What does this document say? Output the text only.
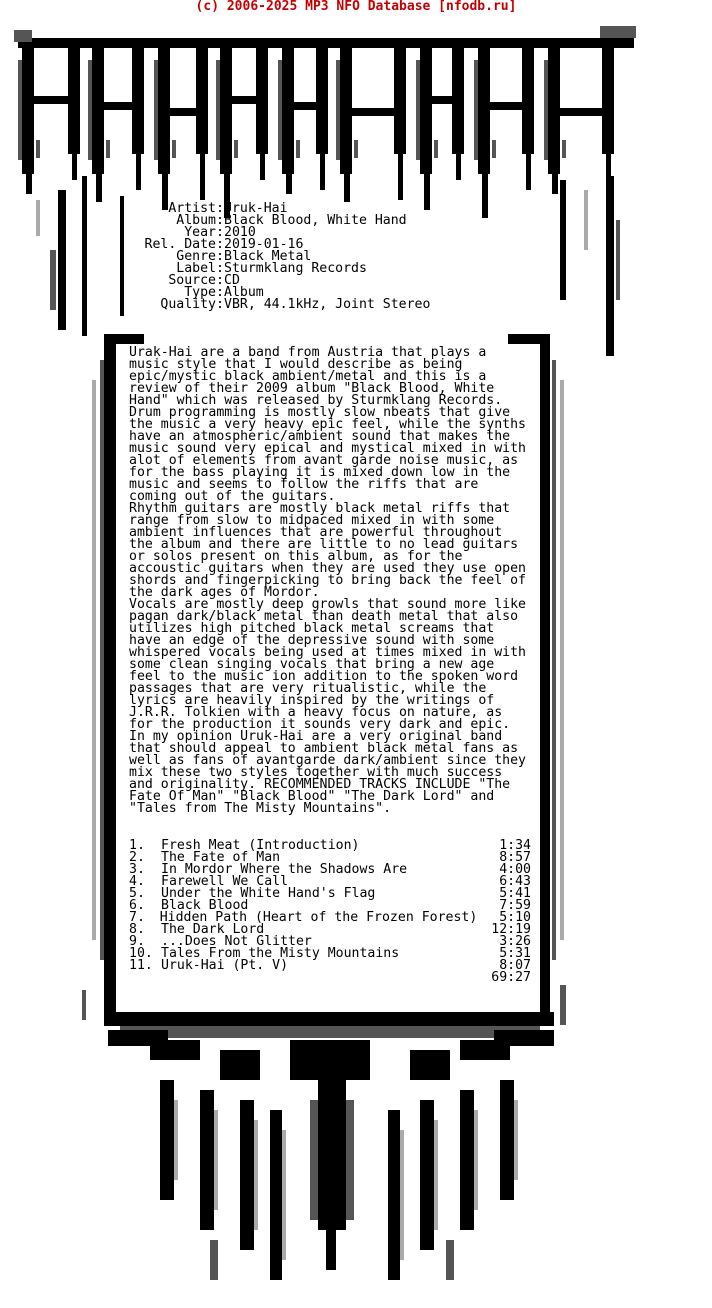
(c) 2006-2025 MP3 NFO Database [nfodb.ru]
Artist : Uruk-Hai
Album : Black Blood, White Hand
Year : 2010
Rel. Date : 2019-01-16
Genre : Black Metal
Label : Sturmklang Records
Source : CD
Type : Album
Quality : VBR, 44.1kHz, Joint Stereo
Urak-Hai are a band from Austria that plays a
music style that I would describe as being
epic/mystic black ambient/metal and this is a
review of their 2009 album "Black Blood, White
Hand" which was released by Sturmklang Records.
Drum programming is mostly slow nbeats that give
the music a very heavy epic feel, while the synths
have an atmospheric/ambient sound that makes the
music sound very epical and mystical mixed in with
alot of elements from avant garde noise music, as
for the bass playing it is mixed down low in the
music and seems to follow the riffs that are
coming out of the guitars.
Rhythm guitars are mostly black metal riffs that
range from slow to midpaced mixed in with some
ambient influences that are powerful throughout
the album and there are little to no lead guitars
or solos present on this album, as for the
accoustic guitars when they are used they use open
shords and fingerpicking to bring back the feel of
the dark ages of Mordor.
Vocals are mostly deep growls that sound more like
pagan dark/black metal than death metal that also
utilizes high pitched black metal screams that
have an edge of the depressive sound with some
whispered vocals being used at times mixed in with
some clean singing vocals that bring a new age
feel to the music ion addition to the spoken word
passages that are very ritualistic, while the
lyrics are heavily inspired by the writings of
J.R.R. Tolkien with a heavy focus on nature, as
for the production it sounds very dark and epic.
In my opinion Uruk-Hai are a very original band
that should appeal to ambient black metal fans as
well as fans of avantgarde dark/ambient since they
mix these two styles together with much success
and originality. RECOMMENDED TRACKS INCLUDE "The
Fate Of Man" "Black Blood" "The Dark Lord" and
"Tales from The Misty Mountains".
1.	Fresh Meat (Introduction)	1:34
2.	The Fate of Man	8:57
3.	In Mordor Where the Shadows Are	4:00
4.	Farewell We Call	6:43
5.	Under the White Hand's Flag	5:41
6.	Black Blood	7:59
7.	Hidden Path (Heart of the Frozen Forest)	5:10
8.	The Dark Lord	12:19
9.	...Does Not Glitter	3:26
10. Tales From the Misty Mountains	5:31
11. Uruk-Hai (Pt. V)	8:07
69:27
